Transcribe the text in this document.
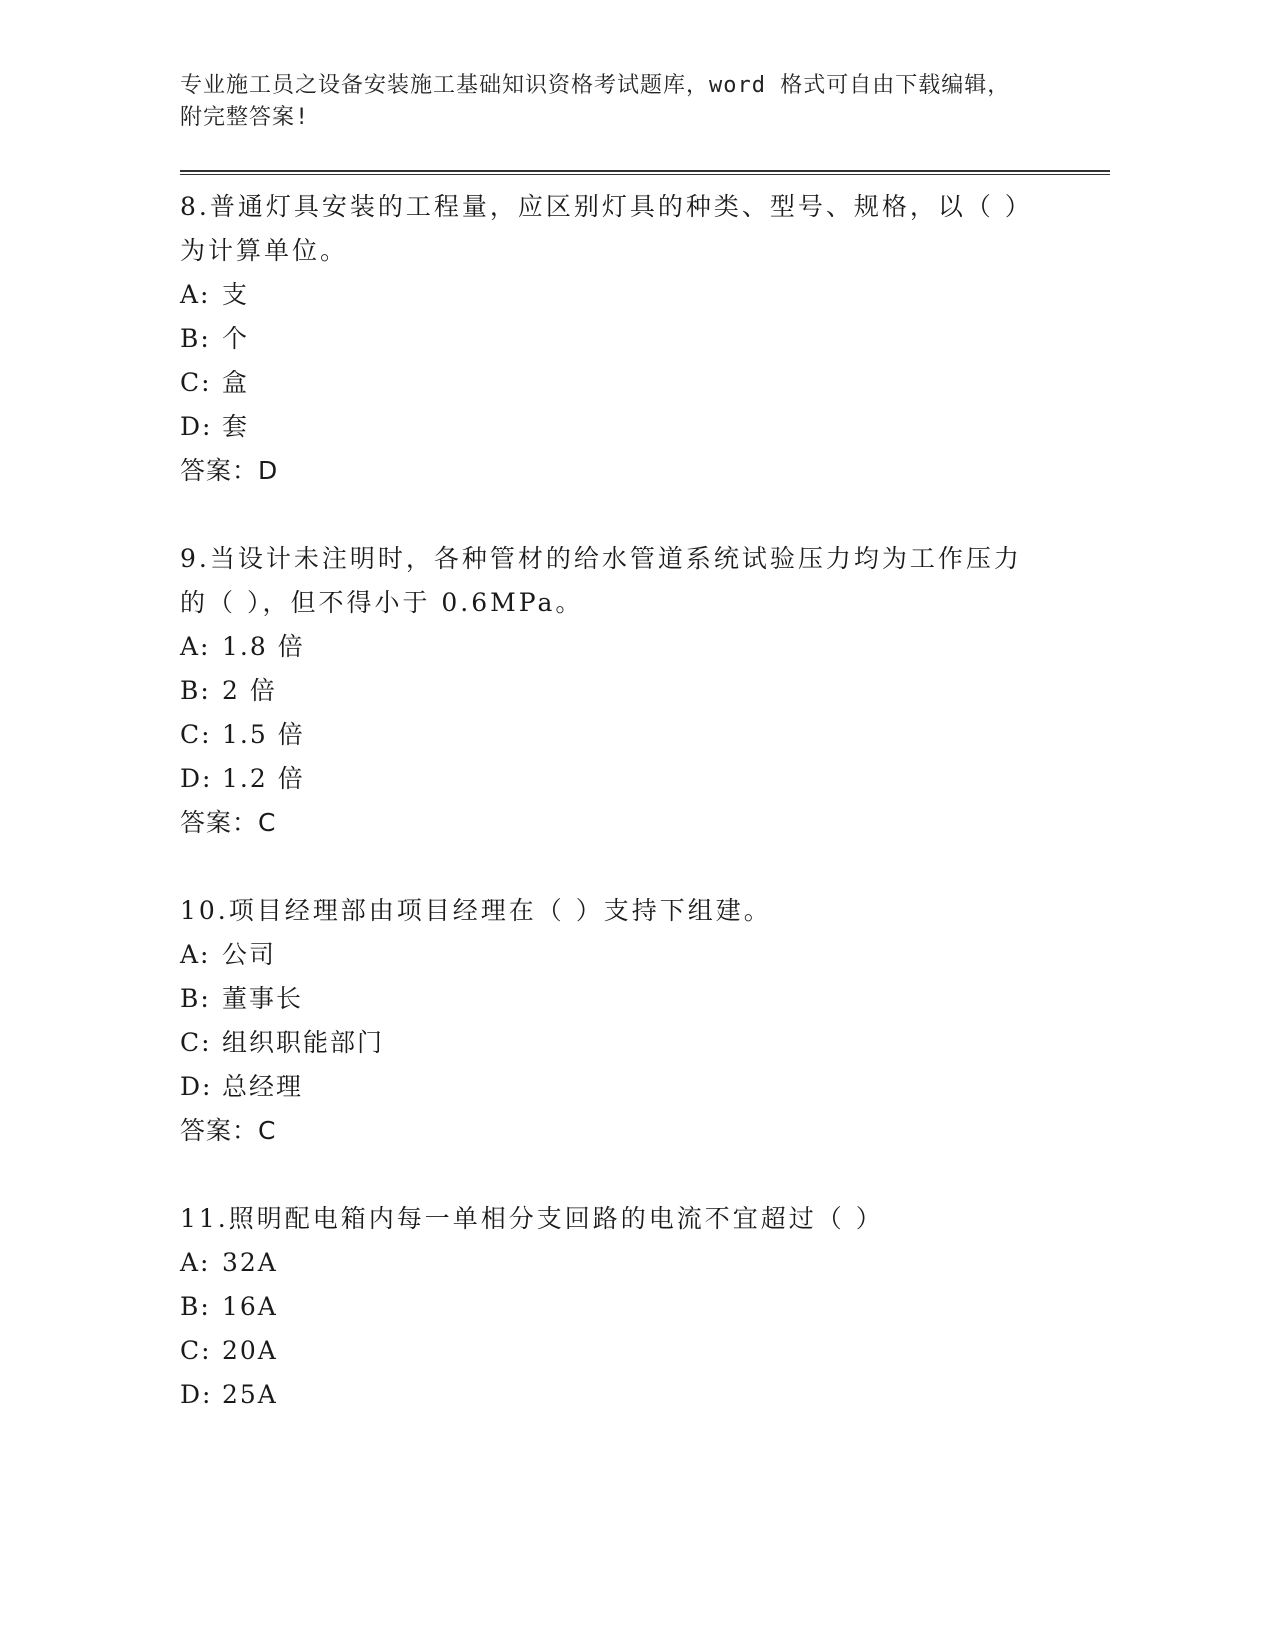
专业施工员之设备安装施工基础知识资格考试题库，word 格式可自由下载编辑，
附完整答案!
8.普通灯具安装的工程量，应区别灯具的种类、型号、规格，以（ ）
为计算单位。
A: 支
B: 个
C: 盒
D: 套
答案：D
9.当设计未注明时，各种管材的给水管道系统试验压力均为工作压力
的（ ），但不得小于 0.6MPa。
A: 1.8 倍
B: 2 倍
C: 1.5 倍
D: 1.2 倍
答案：C
10.项目经理部由项目经理在（ ）支持下组建。
A: 公司
B: 董事长
C: 组织职能部门
D: 总经理
答案：C
11.照明配电箱内每一单相分支回路的电流不宜超过（ ）
A: 32A
B: 16A
C: 20A
D: 25A
